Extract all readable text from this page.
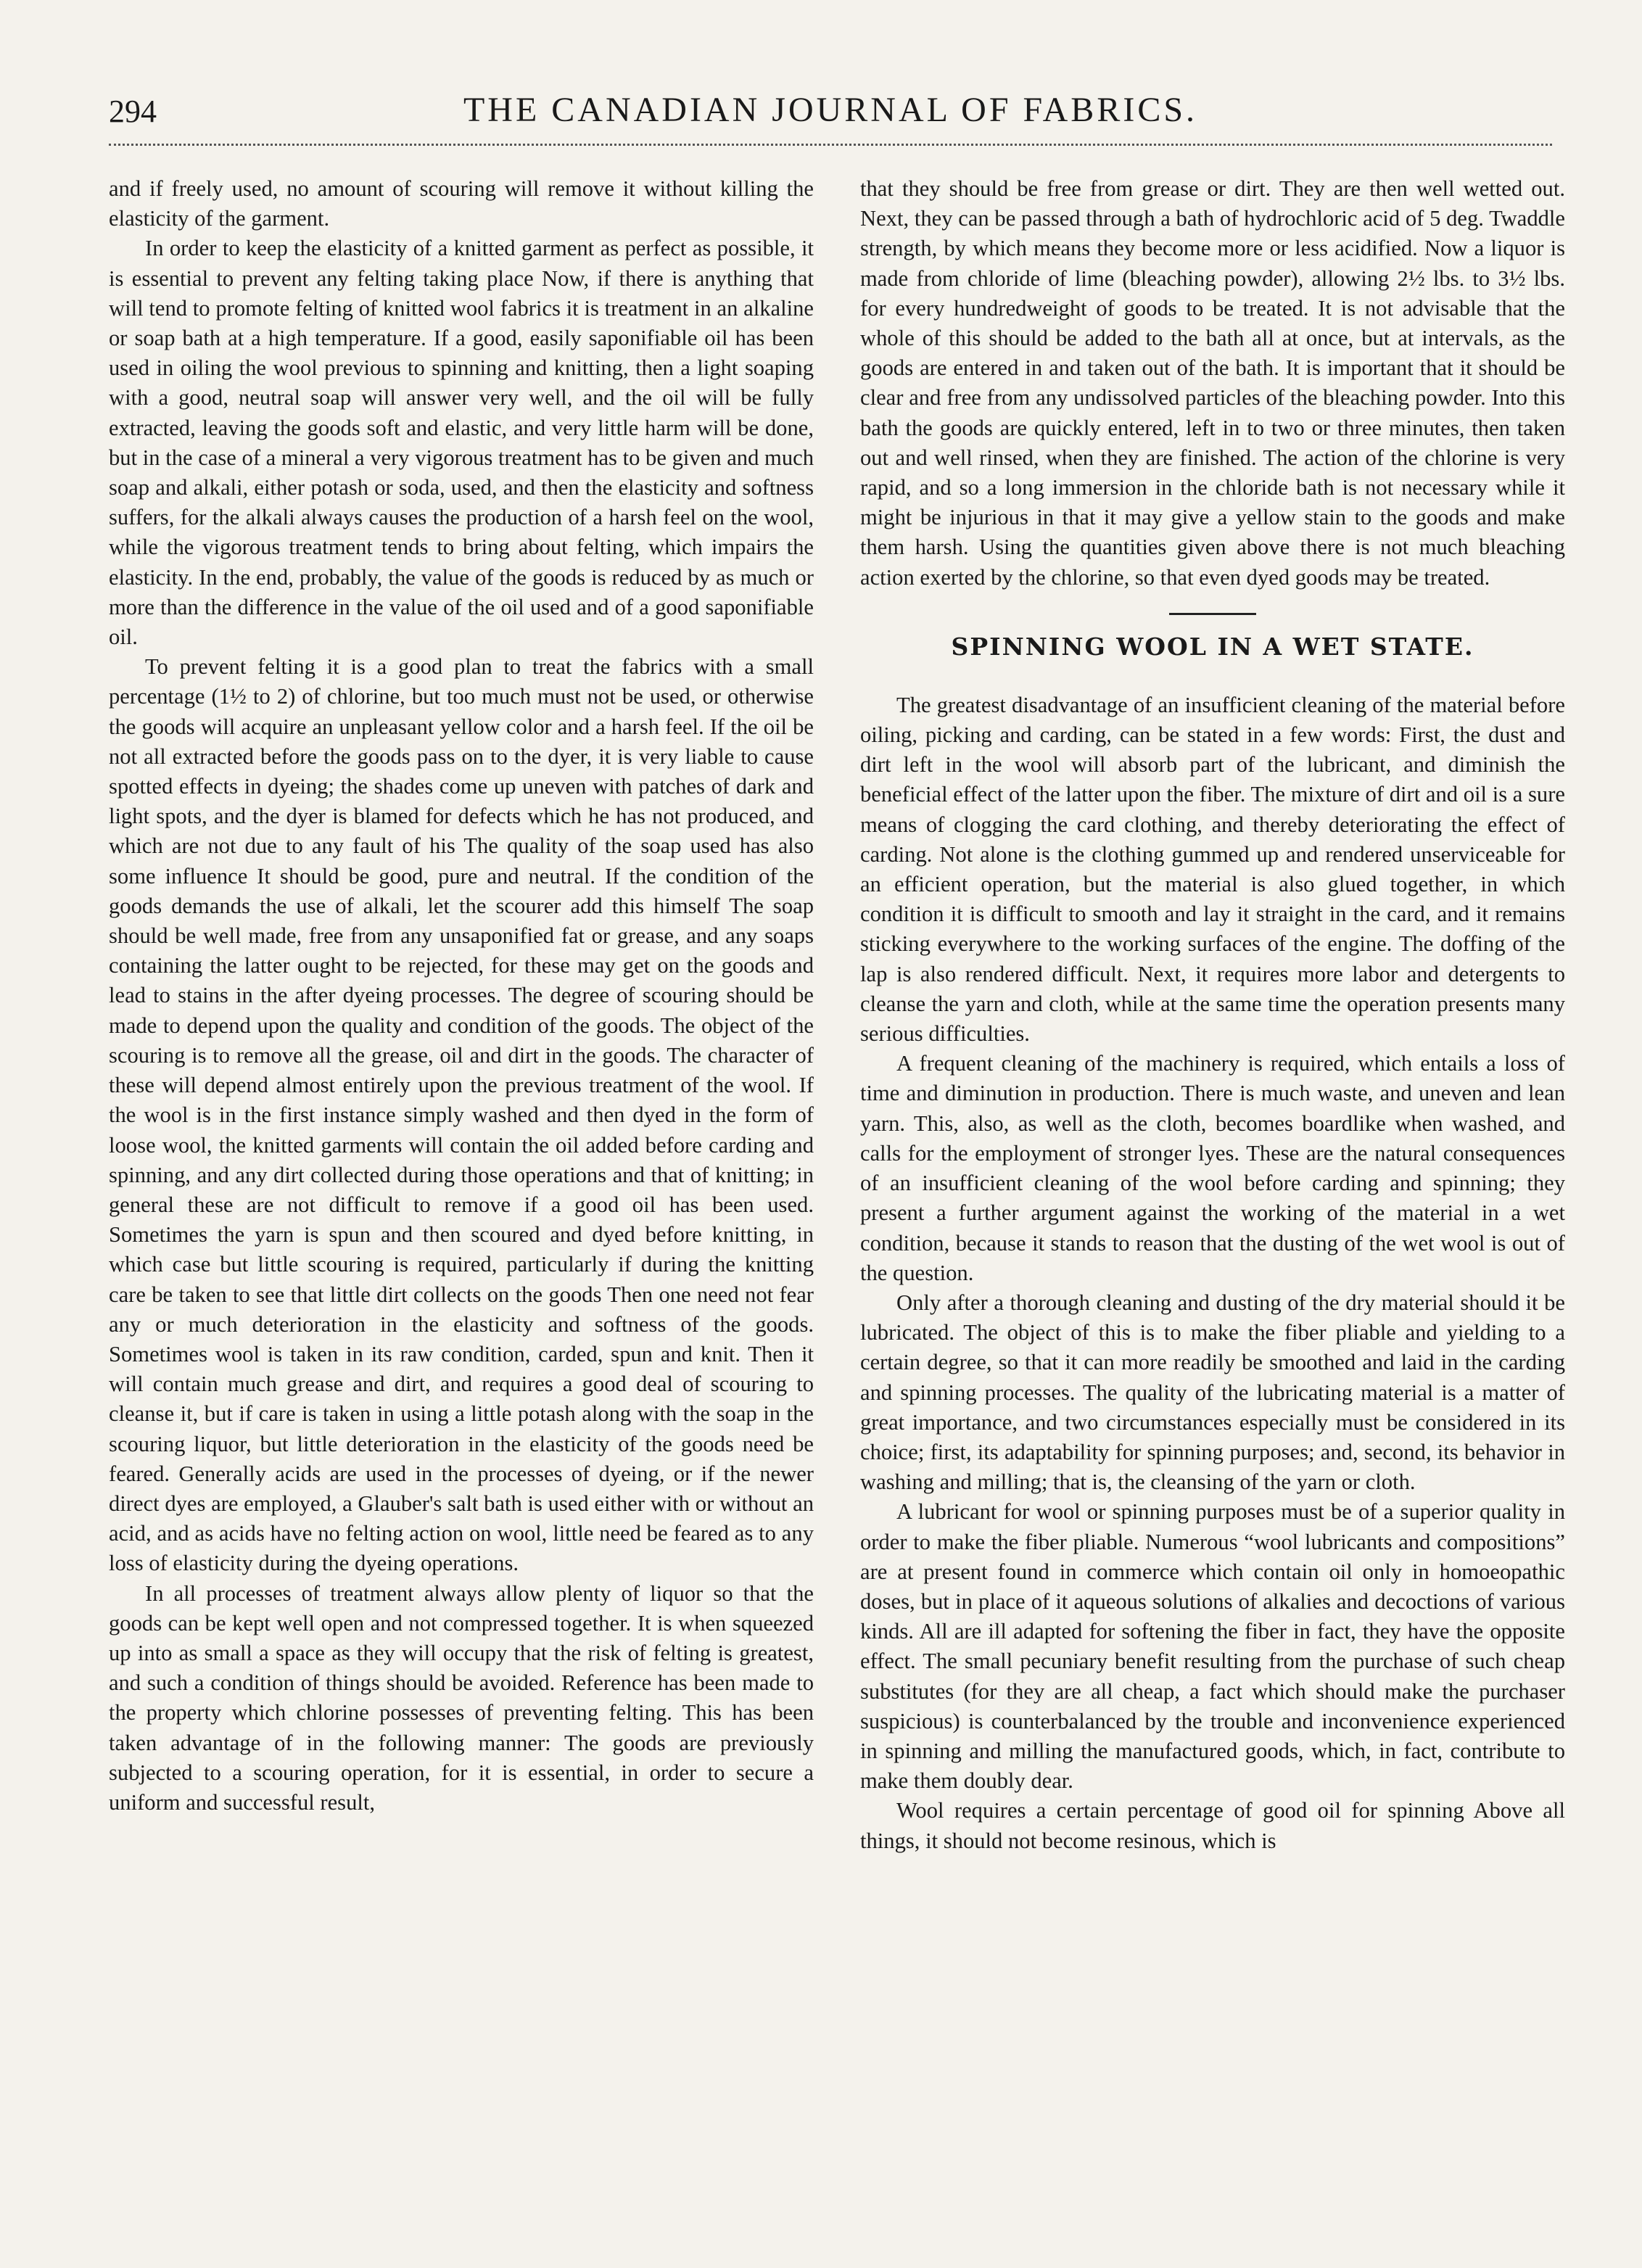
294	THE CANADIAN JOURNAL OF FABRICS.

and if freely used, no amount of scouring will remove it without killing the elasticity of the garment.

In order to keep the elasticity of a knitted garment as perfect as possible, it is essential to prevent any felting taking place Now, if there is anything that will tend to promote felting of knitted wool fabrics it is treatment in an alkaline or soap bath at a high temperature. If a good, easily saponifiable oil has been used in oiling the wool previous to spinning and knitting, then a light soaping with a good, neutral soap will answer very well, and the oil will be fully extracted, leaving the goods soft and elastic, and very little harm will be done, but in the case of a mineral a very vigorous treatment has to be given and much soap and alkali, either potash or soda, used, and then the elasticity and softness suffers, for the alkali always causes the production of a harsh feel on the wool, while the vigorous treatment tends to bring about felting, which impairs the elasticity. In the end, probably, the value of the goods is reduced by as much or more than the difference in the value of the oil used and of a good saponifiable oil.

To prevent felting it is a good plan to treat the fabrics with a small percentage (1½ to 2) of chlorine, but too much must not be used, or otherwise the goods will acquire an unpleasant yellow color and a harsh feel. If the oil be not all extracted before the goods pass on to the dyer, it is very liable to cause spotted effects in dyeing; the shades come up uneven with patches of dark and light spots, and the dyer is blamed for defects which he has not produced, and which are not due to any fault of his The quality of the soap used has also some influence It should be good, pure and neutral. If the condition of the goods demands the use of alkali, let the scourer add this himself The soap should be well made, free from any unsaponified fat or grease, and any soaps containing the latter ought to be rejected, for these may get on the goods and lead to stains in the after dyeing processes. The degree of scouring should be made to depend upon the quality and condition of the goods. The object of the scouring is to remove all the grease, oil and dirt in the goods. The character of these will depend almost entirely upon the previous treatment of the wool. If the wool is in the first instance simply washed and then dyed in the form of loose wool, the knitted garments will contain the oil added before carding and spinning, and any dirt collected during those operations and that of knitting; in general these are not difficult to remove if a good oil has been used. Sometimes the yarn is spun and then scoured and dyed before knitting, in which case but little scouring is required, particularly if during the knitting care be taken to see that little dirt collects on the goods Then one need not fear any or much deterioration in the elasticity and softness of the goods. Sometimes wool is taken in its raw condition, carded, spun and knit. Then it will contain much grease and dirt, and requires a good deal of scouring to cleanse it, but if care is taken in using a little potash along with the soap in the scouring liquor, but little deterioration in the elasticity of the goods need be feared. Generally acids are used in the processes of dyeing, or if the newer direct dyes are employed, a Glauber's salt bath is used either with or without an acid, and as acids have no felting action on wool, little need be feared as to any loss of elasticity during the dyeing operations.

In all processes of treatment always allow plenty of liquor so that the goods can be kept well open and not compressed together. It is when squeezed up into as small a space as they will occupy that the risk of felting is greatest, and such a condition of things should be avoided. Reference has been made to the property which chlorine possesses of preventing felting. This has been taken advantage of in the following manner: The goods are previously subjected to a scouring operation, for it is essential, in order to secure a uniform and successful result,

that they should be free from grease or dirt. They are then well wetted out. Next, they can be passed through a bath of hydrochloric acid of 5 deg. Twaddle strength, by which means they become more or less acidified. Now a liquor is made from chloride of lime (bleaching powder), allowing 2½ lbs. to 3½ lbs. for every hundredweight of goods to be treated. It is not advisable that the whole of this should be added to the bath all at once, but at intervals, as the goods are entered in and taken out of the bath. It is important that it should be clear and free from any undissolved particles of the bleaching powder. Into this bath the goods are quickly entered, left in to two or three minutes, then taken out and well rinsed, when they are finished. The action of the chlorine is very rapid, and so a long immersion in the chloride bath is not necessary while it might be injurious in that it may give a yellow stain to the goods and make them harsh. Using the quantities given above there is not much bleaching action exerted by the chlorine, so that even dyed goods may be treated.

SPINNING WOOL IN A WET STATE.

The greatest disadvantage of an insufficient cleaning of the material before oiling, picking and carding, can be stated in a few words: First, the dust and dirt left in the wool will absorb part of the lubricant, and diminish the beneficial effect of the latter upon the fiber. The mixture of dirt and oil is a sure means of clogging the card clothing, and thereby deteriorating the effect of carding. Not alone is the clothing gummed up and rendered unserviceable for an efficient operation, but the material is also glued together, in which condition it is difficult to smooth and lay it straight in the card, and it remains sticking everywhere to the working surfaces of the engine. The doffing of the lap is also rendered difficult. Next, it requires more labor and detergents to cleanse the yarn and cloth, while at the same time the operation presents many serious difficulties.

A frequent cleaning of the machinery is required, which entails a loss of time and diminution in production. There is much waste, and uneven and lean yarn. This, also, as well as the cloth, becomes boardlike when washed, and calls for the employment of stronger lyes. These are the natural consequences of an insufficient cleaning of the wool before carding and spinning; they present a further argument against the working of the material in a wet condition, because it stands to reason that the dusting of the wet wool is out of the question.

Only after a thorough cleaning and dusting of the dry material should it be lubricated. The object of this is to make the fiber pliable and yielding to a certain degree, so that it can more readily be smoothed and laid in the carding and spinning processes. The quality of the lubricating material is a matter of great importance, and two circumstances especially must be considered in its choice; first, its adaptability for spinning purposes; and, second, its behavior in washing and milling; that is, the cleansing of the yarn or cloth.

A lubricant for wool or spinning purposes must be of a superior quality in order to make the fiber pliable. Numerous “wool lubricants and compositions” are at present found in commerce which contain oil only in homoeopathic doses, but in place of it aqueous solutions of alkalies and decoctions of various kinds. All are ill adapted for softening the fiber in fact, they have the opposite effect. The small pecuniary benefit resulting from the purchase of such cheap substitutes (for they are all cheap, a fact which should make the purchaser suspicious) is counterbalanced by the trouble and inconvenience experienced in spinning and milling the manufactured goods, which, in fact, contribute to make them doubly dear.

Wool requires a certain percentage of good oil for spinning Above all things, it should not become resinous, which is
